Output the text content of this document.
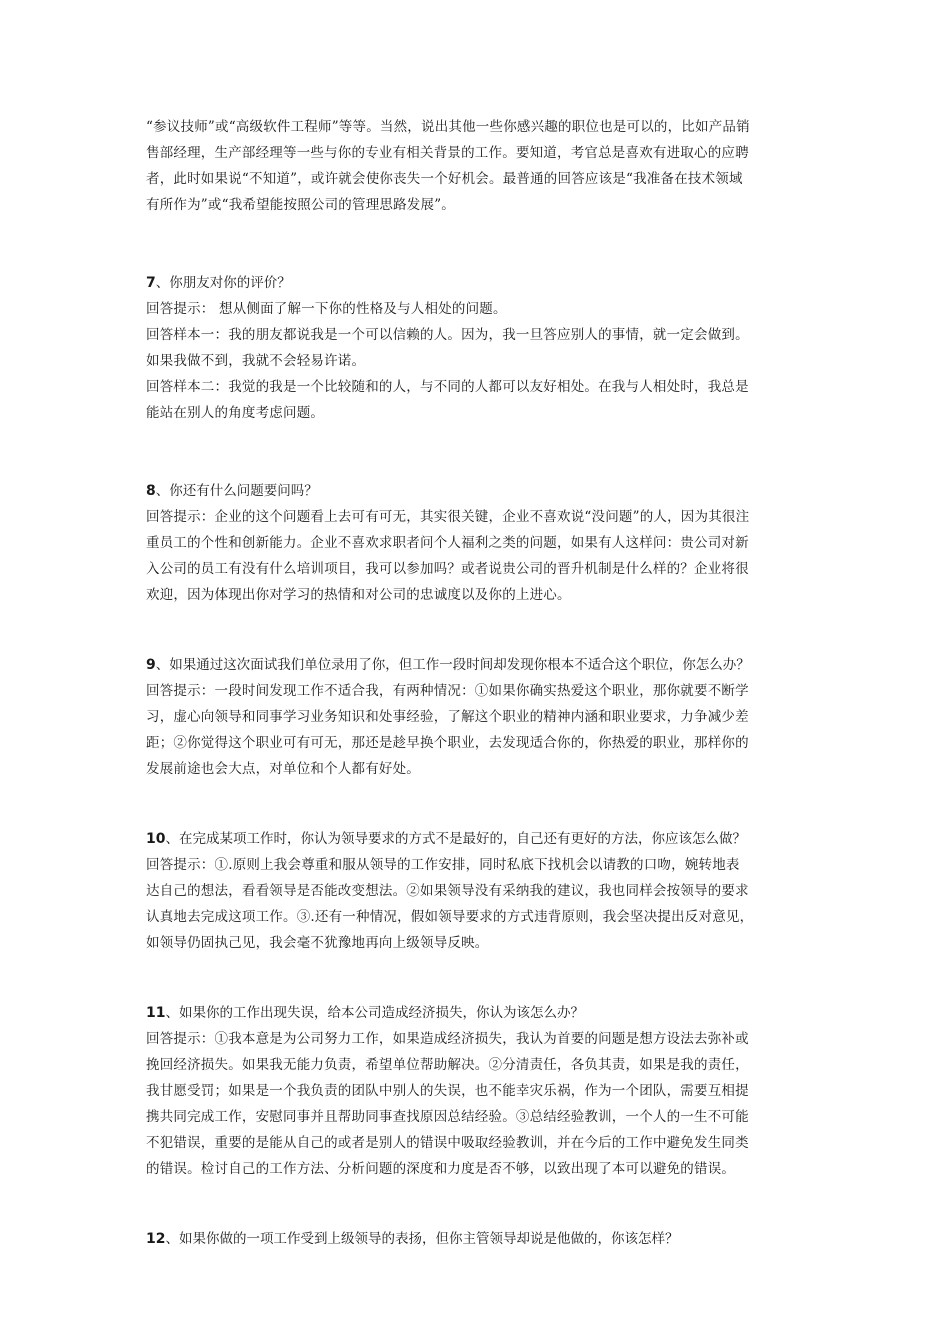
“参议技师”或“高级软件工程师”等等。当然，说出其他一些你感兴趣的职位也是可以的，比如产品销
售部经理，生产部经理等一些与你的专业有相关背景的工作。要知道，考官总是喜欢有进取心的应聘
者，此时如果说“不知道”，或许就会使你丧失一个好机会。最普通的回答应该是“我准备在技术领域
有所作为”或“我希望能按照公司的管理思路发展”。
7、你朋友对你的评价？
回答提示： 想从侧面了解一下你的性格及与人相处的问题。
回答样本一：我的朋友都说我是一个可以信赖的人。因为，我一旦答应别人的事情，就一定会做到。
如果我做不到，我就不会轻易许诺。
回答样本二：我觉的我是一个比较随和的人，与不同的人都可以友好相处。在我与人相处时，我总是
能站在别人的角度考虑问题。
8、你还有什么问题要问吗？
回答提示：企业的这个问题看上去可有可无，其实很关键，企业不喜欢说“没问题”的人，因为其很注
重员工的个性和创新能力。企业不喜欢求职者问个人福利之类的问题，如果有人这样问：贵公司对新
入公司的员工有没有什么培训项目，我可以参加吗？或者说贵公司的晋升机制是什么样的？企业将很
欢迎，因为体现出你对学习的热情和对公司的忠诚度以及你的上进心。
9、如果通过这次面试我们单位录用了你，但工作一段时间却发现你根本不适合这个职位，你怎么办？
回答提示：一段时间发现工作不适合我，有两种情况：①如果你确实热爱这个职业，那你就要不断学
习，虚心向领导和同事学习业务知识和处事经验，了解这个职业的精神内涵和职业要求，力争减少差
距；②你觉得这个职业可有可无，那还是趁早换个职业，去发现适合你的，你热爱的职业，那样你的
发展前途也会大点，对单位和个人都有好处。
10、在完成某项工作时，你认为领导要求的方式不是最好的，自己还有更好的方法，你应该怎么做？
回答提示：①.原则上我会尊重和服从领导的工作安排，同时私底下找机会以请教的口吻，婉转地表
达自己的想法，看看领导是否能改变想法。②如果领导没有采纳我的建议，我也同样会按领导的要求
认真地去完成这项工作。③.还有一种情况，假如领导要求的方式违背原则，我会坚决提出反对意见，
如领导仍固执己见，我会毫不犹豫地再向上级领导反映。
11、如果你的工作出现失误，给本公司造成经济损失，你认为该怎么办？
回答提示：①我本意是为公司努力工作，如果造成经济损失，我认为首要的问题是想方设法去弥补或
挽回经济损失。如果我无能力负责，希望单位帮助解决。②分清责任，各负其责，如果是我的责任，
我甘愿受罚；如果是一个我负责的团队中别人的失误，也不能幸灾乐祸，作为一个团队，需要互相提
携共同完成工作，安慰同事并且帮助同事查找原因总结经验。③总结经验教训，一个人的一生不可能
不犯错误，重要的是能从自己的或者是别人的错误中吸取经验教训，并在今后的工作中避免发生同类
的错误。检讨自己的工作方法、分析问题的深度和力度是否不够，以致出现了本可以避免的错误。
12、如果你做的一项工作受到上级领导的表扬，但你主管领导却说是他做的，你该怎样？
